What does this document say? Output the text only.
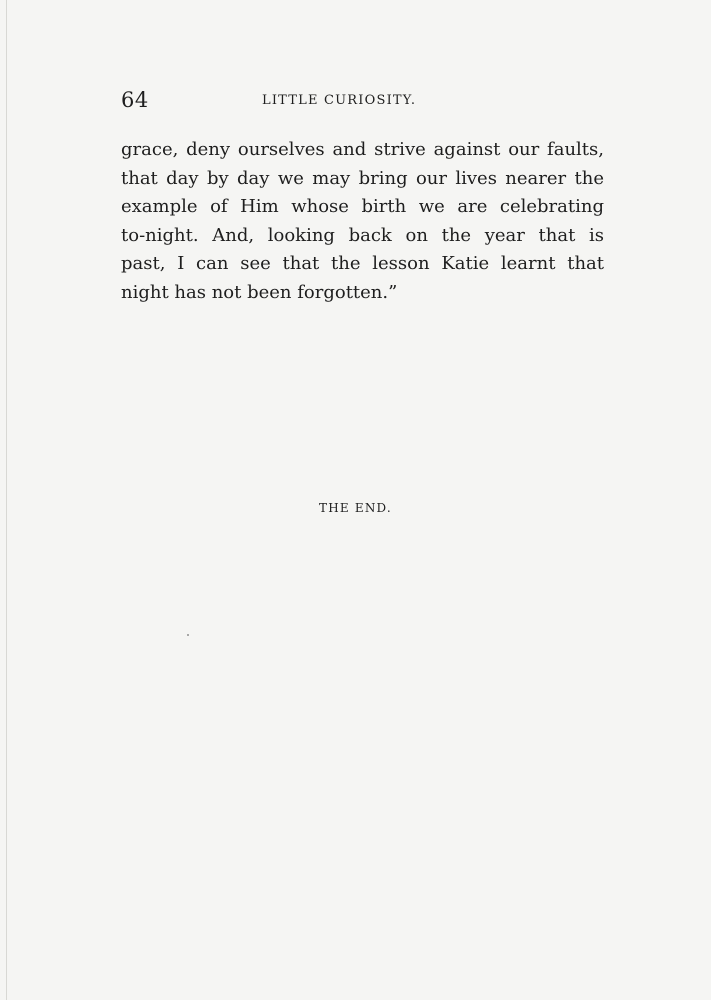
64	LITTLE CURIOSITY.
grace, deny ourselves and strive against our faults,
that day by day we may bring our lives nearer the
example of Him whose birth we are celebrating
to-night. And, looking back on the year that is
past, I can see that the lesson Katie learnt that
night has not been forgotten.”
THE END.
